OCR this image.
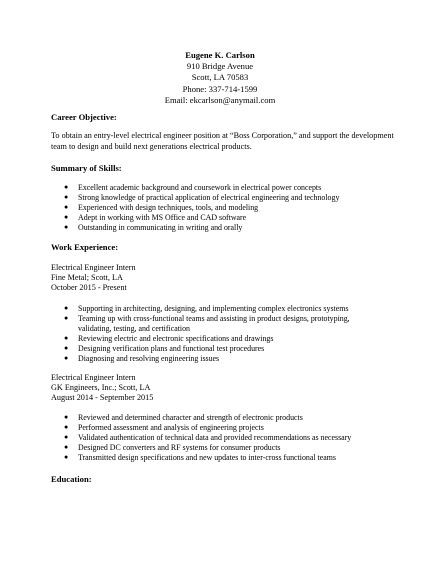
Eugene K. Carlson
910 Bridge Avenue
Scott, LA 70583
Phone: 337-714-1599
Email: ekcarlson@anymail.com
Career Objective:
To obtain an entry-level electrical engineer position at “Boss Corporation,” and support the development team to design and build next generations electrical products.
Summary of Skills:
● Excellent academic background and coursework in electrical power concepts
● Strong knowledge of practical application of electrical engineering and technology
● Experienced with design techniques, tools, and modeling
● Adept in working with MS Office and CAD software
● Outstanding in communicating in writing and orally
Work Experience:
Electrical Engineer Intern
Fine Metal; Scott, LA
October 2015 - Present
● Supporting in architecting, designing, and implementing complex electronics systems
● Teaming up with cross-functional teams and assisting in product designs, prototyping, validating, testing, and certification
● Reviewing electric and electronic specifications and drawings
● Designing verification plans and functional test procedures
● Diagnosing and resolving engineering issues
Electrical Engineer Intern
GK Engineers, Inc.; Scott, LA
August 2014 - September 2015
● Reviewed and determined character and strength of electronic products
● Performed assessment and analysis of engineering projects
● Validated authentication of technical data and provided recommendations as necessary
● Designed DC converters and RF systems for consumer products
● Transmitted design specifications and new updates to inter-cross functional teams
Education:
